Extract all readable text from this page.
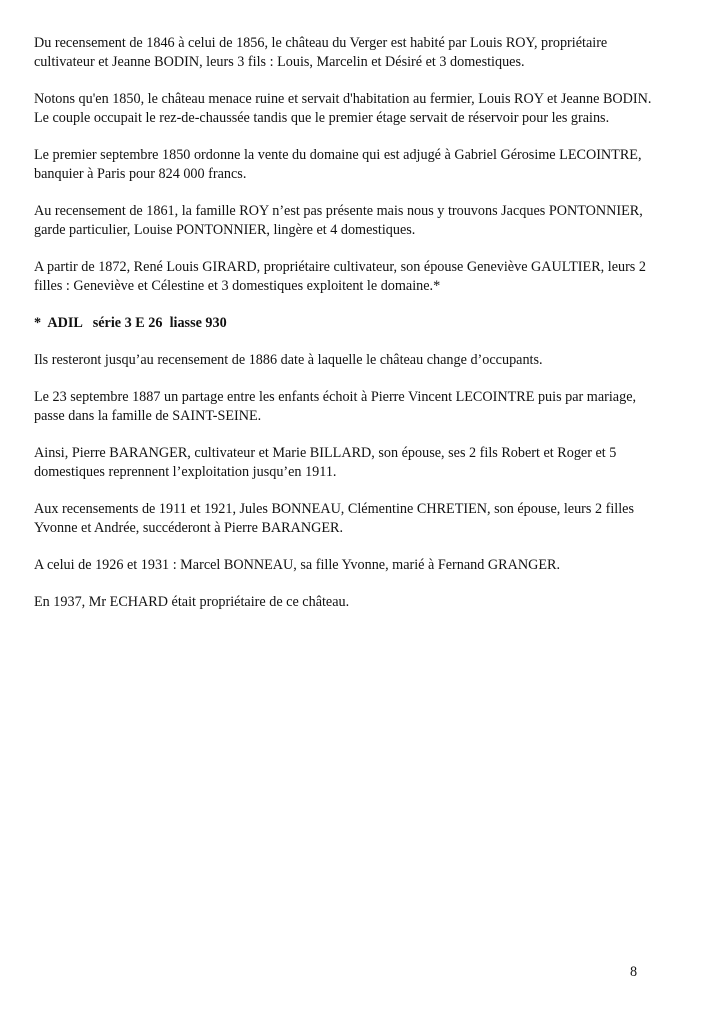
Du recensement de 1846 à celui de 1856, le château du Verger est habité par Louis ROY, propriétaire
cultivateur et Jeanne BODIN, leurs 3 fils : Louis, Marcelin et Désiré et 3 domestiques.

Notons qu'en 1850, le château menace ruine et servait d'habitation au fermier, Louis ROY et Jeanne BODIN.
Le couple occupait le rez-de-chaussée tandis que le premier étage servait de réservoir pour les grains.

Le premier septembre 1850 ordonne la vente du domaine qui est adjugé à Gabriel Gérosime LECOINTRE,
banquier à Paris pour 824 000 francs.

Au recensement de 1861, la famille ROY n’est pas présente mais nous y trouvons Jacques PONTONNIER,
garde particulier, Louise PONTONNIER, lingère et 4 domestiques.

A partir de 1872, René Louis GIRARD, propriétaire cultivateur, son épouse Geneviève GAULTIER, leurs 2
filles : Geneviève et Célestine et 3 domestiques exploitent le domaine.*

*  ADIL   série 3 E 26  liasse 930

Ils resteront jusqu’au recensement de 1886 date à laquelle le château change d’occupants.

Le 23 septembre 1887 un partage entre les enfants échoit à Pierre Vincent LECOINTRE puis par mariage,
passe dans la famille de SAINT-SEINE.

Ainsi, Pierre BARANGER, cultivateur et Marie BILLARD, son épouse, ses 2 fils Robert et Roger et 5
domestiques reprennent l’exploitation jusqu’en 1911.

Aux recensements de 1911 et 1921, Jules BONNEAU, Clémentine CHRETIEN, son épouse, leurs 2 filles
Yvonne et Andrée, succéderont à Pierre BARANGER.

A celui de 1926 et 1931 : Marcel BONNEAU, sa fille Yvonne, marié à Fernand GRANGER.

En 1937, Mr ECHARD était propriétaire de ce château.

8
